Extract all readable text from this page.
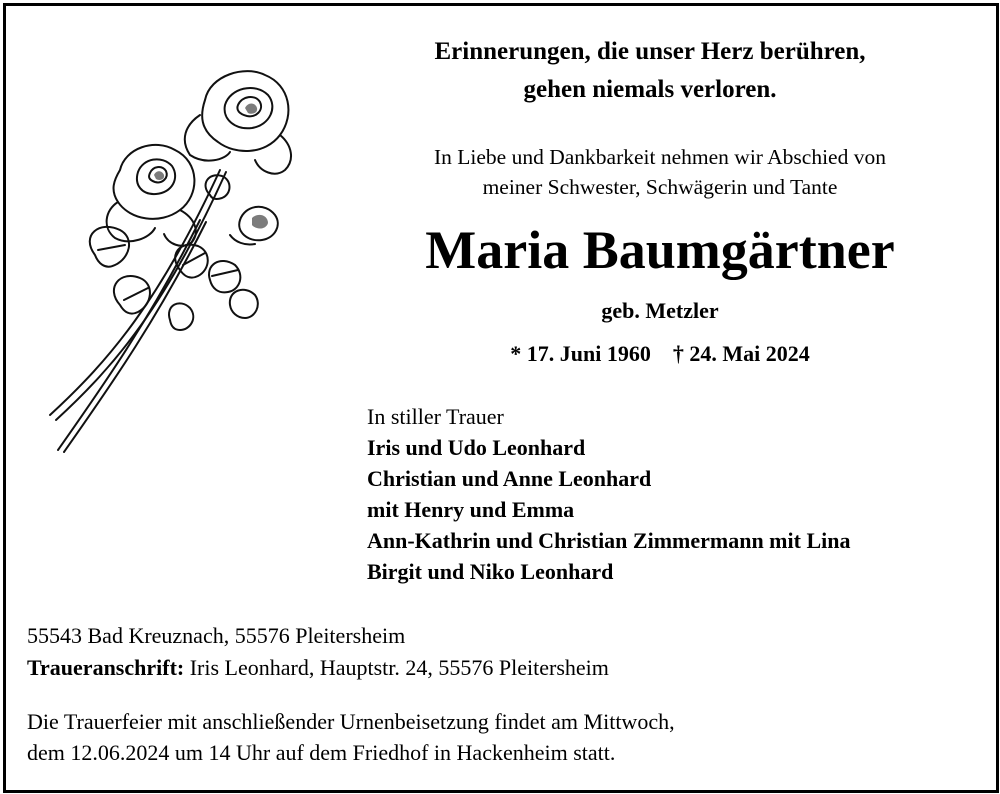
Erinnerungen, die unser Herz berühren,
gehen niemals verloren.
In Liebe und Dankbarkeit nehmen wir Abschied von
meiner Schwester, Schwägerin und Tante
Maria Baumgärtner
geb. Metzler
* 17. Juni 1960 † 24. Mai 2024
In stiller Trauer
Iris und Udo Leonhard
Christian und Anne Leonhard
mit Henry und Emma
Ann-Kathrin und Christian Zimmermann mit Lina
Birgit und Niko Leonhard
55543 Bad Kreuznach, 55576 Pleitersheim
Traueranschrift: Iris Leonhard, Hauptstr. 24, 55576 Pleitersheim
Die Trauerfeier mit anschließender Urnenbeisetzung findet am Mittwoch,
dem 12.06.2024 um 14 Uhr auf dem Friedhof in Hackenheim statt.
